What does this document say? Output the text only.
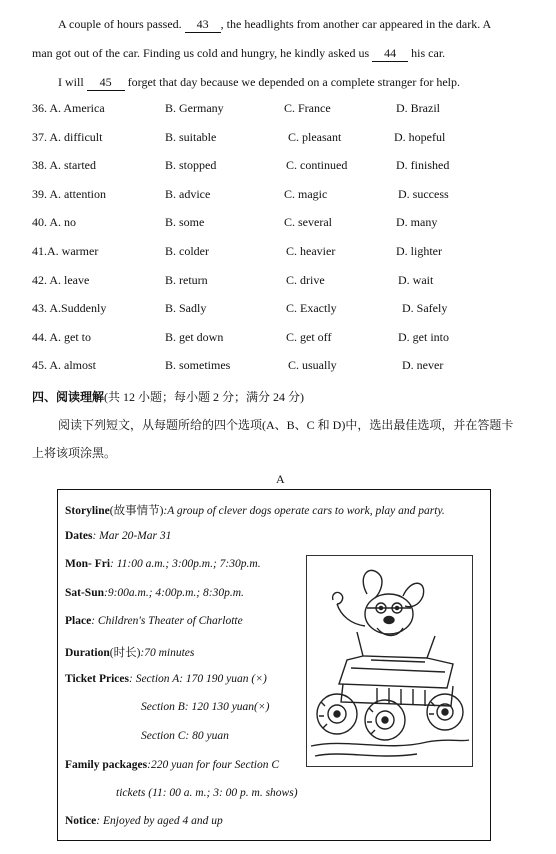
A couple of hours passed. 43 , the headlights from another car appeared in the dark. A
man got out of the car. Finding us cold and hungry, he kindly asked us 44 his car.
I will 45 forget that day because we depended on a complete stranger for help.
36. A. America	B. Germany	C. France	D. Brazil
37. A. difficult	B. suitable	C. pleasant	D. hopeful
38. A. started	B. stopped	C. continued	D. finished
39. A. attention	B. advice	C. magic	D. success
40. A. no	B. some	C. several	D. many
41.A. warmer	B. colder	C. heavier	D. lighter
42. A. leave	B. return	C. drive	D. wait
43. A.Suddenly	B. Sadly	C. Exactly	D. Safely
44. A. get to	B. get down	C. get off	D. get into
45. A. almost	B. sometimes	C. usually	D. never
四、阅读理解(共 12 小题；每小题 2 分；满分 24 分)
阅读下列短文，从每题所给的四个选项(A、B、C 和 D)中，选出最佳选项，并在答题卡
上将该项涂黑。
A
Storyline(故事情节):A group of clever dogs operate cars to work, play and party.
Dates: Mar 20-Mar 31
Mon- Fri: 11:00 a.m.; 3:00p.m.; 7:30p.m.
Sat-Sun:9:00a.m.; 4:00p.m.; 8:30p.m.
Place: Children's Theater of Charlotte
Duration(时长):70 minutes
Ticket Prices: Section A: 170 190 yuan (×)
Section B: 120 130 yuan(×)
Section C: 80 yuan
Family packages:220 yuan for four Section C
tickets (11: 00 a. m.; 3: 00 p. m. shows)
Notice: Enjoyed by aged 4 and up
